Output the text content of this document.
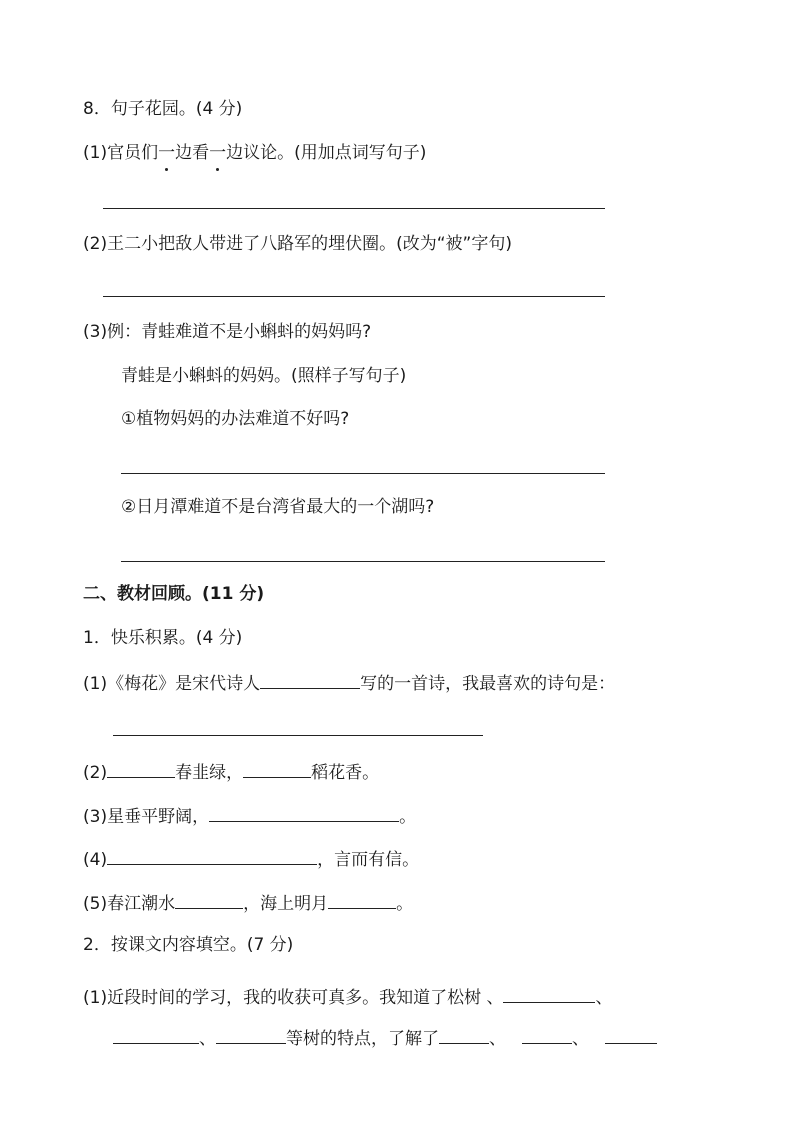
8．句子花园。(4 分)
(1)官员们一边看一边议论。(用加点词写句子)
(2)王二小把敌人带进了八路军的埋伏圈。(改为“被”字句)
(3)例：青蛙难道不是小蝌蚪的妈妈吗?
青蛙是小蝌蚪的妈妈。(照样子写句子)
①植物妈妈的办法难道不好吗?
②日月潭难道不是台湾省最大的一个湖吗?
二、教材回顾。(11 分)
1．快乐积累。(4 分)
(1)《梅花》是宋代诗人	写的一首诗，我最喜欢的诗句是：
(2)	春韭绿，	稻花香。
(3)星垂平野阔，	。
(4)	，言而有信。
(5)春江潮水	，海上明月	。
2．按课文内容填空。(7 分)
(1)近段时间的学习，我的收获可真多。我知道了松树 、	、
、	等树的特点，了解了	、	、
